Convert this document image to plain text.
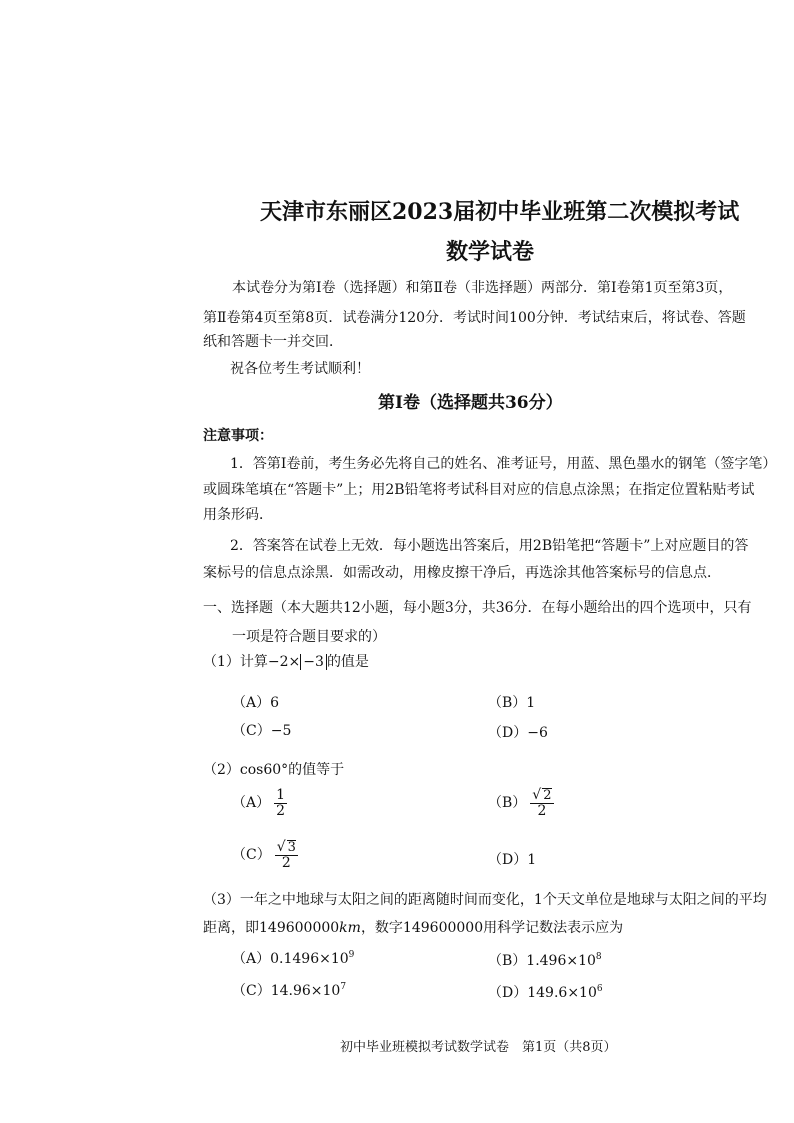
天津市东丽区2023届初中毕业班第二次模拟考试
数学试卷
本试卷分为第Ⅰ卷（选择题）和第Ⅱ卷（非选择题）两部分．第Ⅰ卷第1页至第3页，
第Ⅱ卷第4页至第8页．试卷满分120分．考试时间100分钟．考试结束后，将试卷、答题
纸和答题卡一并交回．
祝各位考生考试顺利！
第Ⅰ卷（选择题共36分）
注意事项：
1．答第Ⅰ卷前，考生务必先将自己的姓名、准考证号，用蓝、黑色墨水的钢笔（签字笔）
或圆珠笔填在“答题卡”上；用2B铅笔将考试科目对应的信息点涂黑；在指定位置粘贴考试
用条形码．
2．答案答在试卷上无效．每小题选出答案后，用2B铅笔把“答题卡”上对应题目的答
案标号的信息点涂黑．如需改动，用橡皮擦干净后，再选涂其他答案标号的信息点．
一、选择题（本大题共12小题，每小题3分，共36分．在每小题给出的四个选项中，只有
一项是符合题目要求的）
（1）计算−2× −3 的值是
（A）6	（B）1
（C）−5	（D）−6
（2）cos60°的值等于
$(A) \frac{1}{2}$	$(B) \frac{√ 2}{2}$
$(C) \frac{√ 3}{2}$	（D）1
（3）一年之中地球与太阳之间的距离随时间而变化，1个天文单位是地球与太阳之间的平均
距离，即149600000km，数字149600000用科学记数法表示应为
$(A)0.1496\times 10^9$	$(B)1.496\times 10^8$
$(C)14.96\times 10^7$	$(D)149.6\times 10^6$
初中毕业班模拟考试数学试卷　第1页（共8页）
